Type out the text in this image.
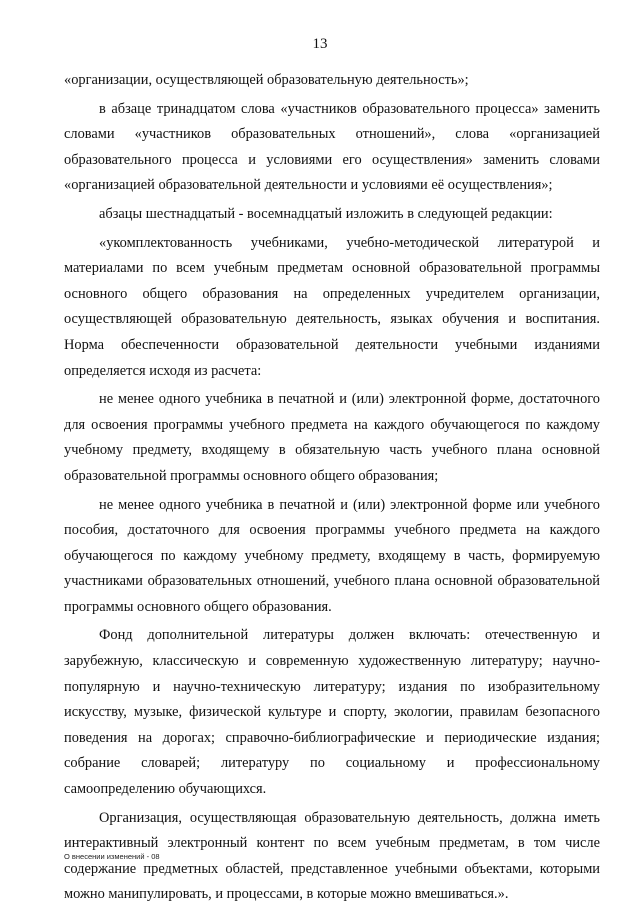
13

«организации, осуществляющей образовательную деятельность»;

в абзаце тринадцатом слова «участников образовательного процесса» заменить словами «участников образовательных отношений», слова «организацией образовательного процесса и условиями его осуществления» заменить словами «организацией образовательной деятельности и условиями её осуществления»;

абзацы шестнадцатый - восемнадцатый изложить в следующей редакции:

«укомплектованность учебниками, учебно-методической литературой и материалами по всем учебным предметам основной образовательной программы основного общего образования на определенных учредителем организации, осуществляющей образовательную деятельность, языках обучения и воспитания. Норма обеспеченности образовательной деятельности учебными изданиями определяется исходя из расчета:

не менее одного учебника в печатной и (или) электронной форме, достаточного для освоения программы учебного предмета на каждого обучающегося по каждому учебному предмету, входящему в обязательную часть учебного плана основной образовательной программы основного общего образования;

не менее одного учебника в печатной и (или) электронной форме или учебного пособия, достаточного для освоения программы учебного предмета на каждого обучающегося по каждому учебному предмету, входящему в часть, формируемую участниками образовательных отношений, учебного плана основной образовательной программы основного общего образования.

Фонд дополнительной литературы должен включать: отечественную и зарубежную, классическую и современную художественную литературу; научно-популярную и научно-техническую литературу; издания по изобразительному искусству, музыке, физической культуре и спорту, экологии, правилам безопасного поведения на дорогах; справочно-библиографические и периодические издания; собрание словарей; литературу по социальному и профессиональному самоопределению обучающихся.

Организация, осуществляющая образовательную деятельность, должна иметь интерактивный электронный контент по всем учебным предметам, в том числе содержание предметных областей, представленное учебными объектами, которыми можно манипулировать, и процессами, в которые можно вмешиваться.».

О внесении изменений - 08
